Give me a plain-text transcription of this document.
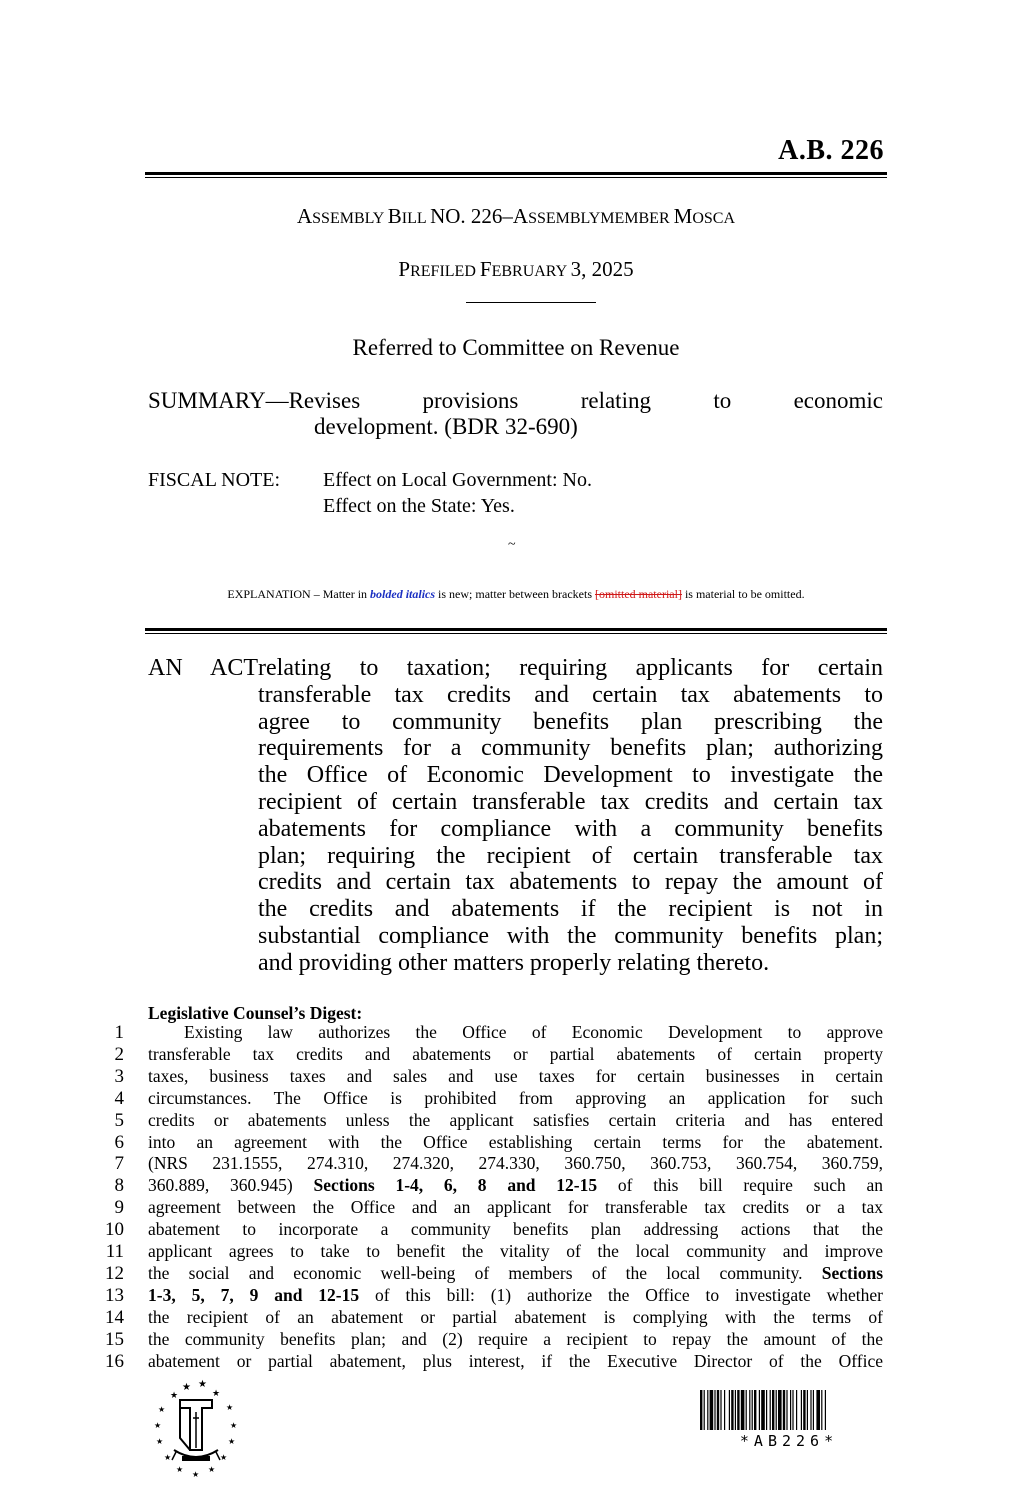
A.B. 226
ASSEMBLY BILL NO. 226–ASSEMBLYMEMBER MOSCA
PREFILED FEBRUARY 3, 2025
Referred to Committee on Revenue
SUMMARY—Revises	provisions	relating	to	economic
development. (BDR 32-690)
FISCAL NOTE: Effect on Local Government: No.
Effect on the State: Yes.
~
EXPLANATION – Matter in bolded italics is new; matter between brackets [omitted material] is material to be omitted.
AN ACT relating to taxation; requiring applicants for certain
transferable tax credits and certain tax abatements to
agree to community benefits plan prescribing the
requirements for a community benefits plan; authorizing
the Office of Economic Development to investigate the
recipient of certain transferable tax credits and certain tax
abatements for compliance with a community benefits
plan; requiring the recipient of certain transferable tax
credits and certain tax abatements to repay the amount of
the credits and abatements if the recipient is not in
substantial compliance with the community benefits plan;
and providing other matters properly relating thereto.
Legislative Counsel’s Digest:
1	Existing law authorizes the Office of Economic Development to approve
2	transferable tax credits and abatements or partial abatements of certain property
3	taxes, business taxes and sales and use taxes for certain businesses in certain
4	circumstances. The Office is prohibited from approving an application for such
5	credits or abatements unless the applicant satisfies certain criteria and has entered
6	into an agreement with the Office establishing certain terms for the abatement.
7	(NRS 231.1555, 274.310, 274.320, 274.330, 360.750, 360.753, 360.754, 360.759,
8	360.889, 360.945) Sections 1-4, 6, 8 and 12-15 of this bill require such an
9	agreement between the Office and an applicant for transferable tax credits or a tax
10	abatement to incorporate a community benefits plan addressing actions that the
11	applicant agrees to take to benefit the vitality of the local community and improve
12	the social and economic well-being of members of the local community. Sections
13	1-3, 5, 7, 9 and 12-15 of this bill: (1) authorize the Office to investigate whether
14	the recipient of an abatement or partial abatement is complying with the terms of
15	the community benefits plan; and (2) require a recipient to repay the amount of the
16	abatement or partial abatement, plus interest, if the Executive Director of the Office
★ ★
★	★
★	★
★	★
★	★
★	★
★	★
★
*AB226*
